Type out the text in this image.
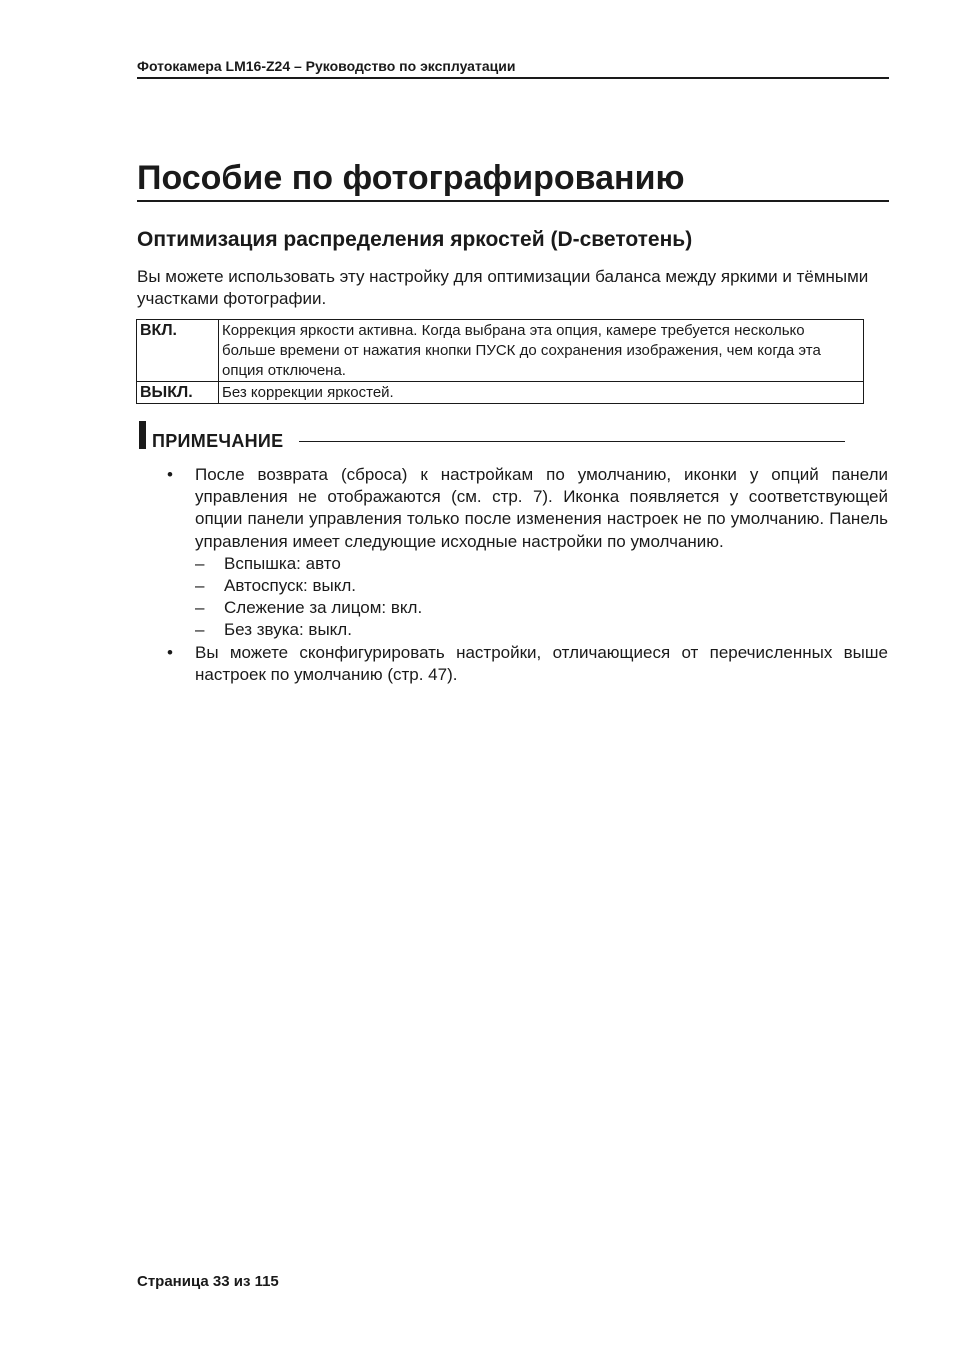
Фотокамера LM16-Z24 – Руководство по эксплуатации
Пособие по фотографированию
Оптимизация распределения яркостей (D-светотень)

Вы можете использовать эту настройку для оптимизации баланса между яркими и тёмными участками фотографии.

ВКЛ.	Коррекция яркости активна. Когда выбрана эта опция, камере требуется несколько больше времени от нажатия кнопки ПУСК до сохранения изображения, чем когда эта опция отключена.
ВЫКЛ.	Без коррекции яркостей.
ПРИМЕЧАНИЕ
• После возврата (сброса) к настройкам по умолчанию, иконки у опций панели управления не отображаются (см. стр. 7). Иконка появляется у соответствующей опции панели управления только после изменения настроек не по умолчанию. Панель управления имеет следующие исходные настройки по умолчанию.
– Вспышка: авто
– Автоспуск: выкл.
– Слежение за лицом: вкл.
– Без звука: выкл.
• Вы можете сконфигурировать настройки, отличающиеся от перечисленных выше настроек по умолчанию (стр. 47).
Страница 33 из 115
